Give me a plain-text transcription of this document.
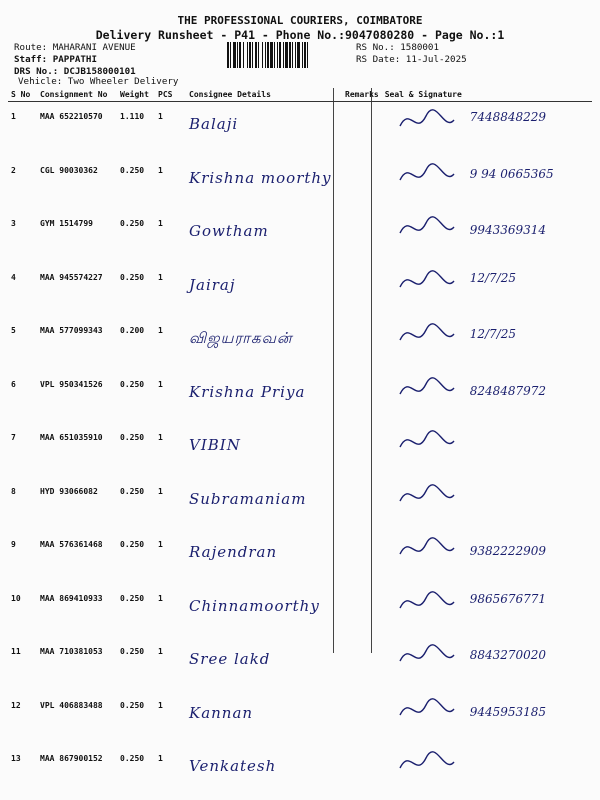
THE PROFESSIONAL COURIERS, COIMBATORE
Delivery Runsheet - P41 - Phone No.:9047080280 - Page No.:1
Route: MAHARANI AVENUE
Staff: PAPPATHI
DRS No.: DCJB158000101
Vehicle: Two Wheeler Delivery
RS No.: 1580001
RS Date: 11-Jul-2025
S No	Consignment No	Weight	PCS	Consignee Details	Remarks	Seal & Signature
1	MAA 652210570	1.110	1	Balaji		7448848229

2	CGL 90030362	0.250	1	Krishna moorthy		9 94 0665365

3	GYM 1514799	0.250	1	Gowtham		9943369314

4	MAA 945574227	0.250	1	Jairaj		12/7/25

5	MAA 577099343	0.200	1	விஜயராகவன்		12/7/25

6	VPL 950341526	0.250	1	Krishna Priya		8248487972

7	MAA 651035910	0.250	1	VIBIN		

8	HYD 93066082	0.250	1	Subramaniam		

9	MAA 576361468	0.250	1	Rajendran		9382222909

10	MAA 869410933	0.250	1	Chinnamoorthy		9865676771

11	MAA 710381053	0.250	1	Sree lakd		8843270020

12	VPL 406883488	0.250	1	Kannan		9445953185

13	MAA 867900152	0.250	1	Venkatesh		
